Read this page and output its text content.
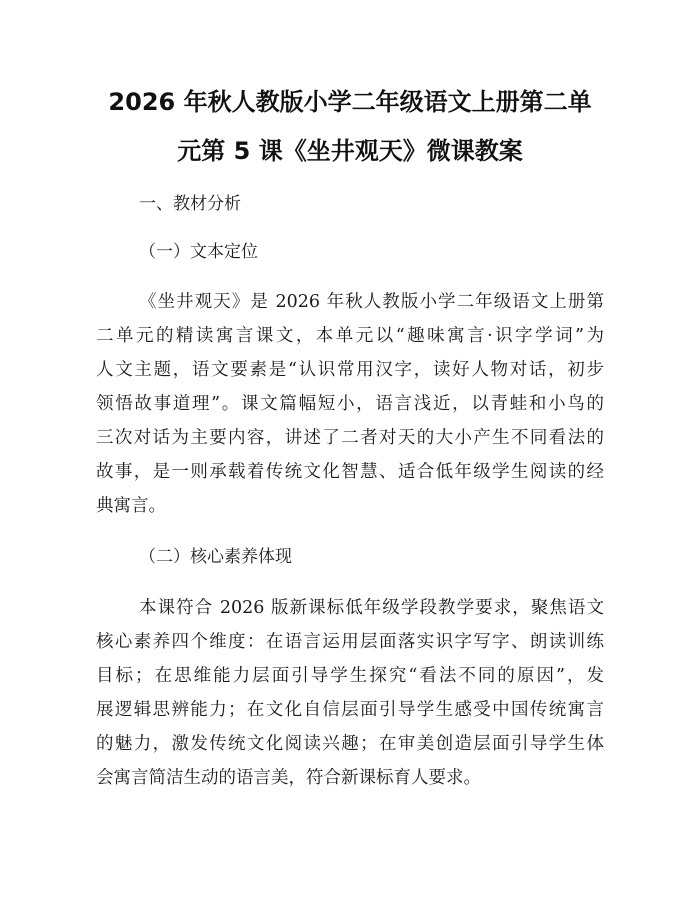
2026 年秋人教版小学二年级语文上册第二单
元第 5 课《坐井观天》微课教案
一、教材分析
（一）文本定位
《坐井观天》是 2026 年秋人教版小学二年级语文上册第
二单元的精读寓言课文，本单元以“趣味寓言·识字学词”为
人文主题，语文要素是“认识常用汉字，读好人物对话，初步
领悟故事道理”。课文篇幅短小，语言浅近，以青蛙和小鸟的
三次对话为主要内容，讲述了二者对天的大小产生不同看法的
故事，是一则承载着传统文化智慧、适合低年级学生阅读的经
典寓言。
（二）核心素养体现
本课符合 2026 版新课标低年级学段教学要求，聚焦语文
核心素养四个维度：在语言运用层面落实识字写字、朗读训练
目标；在思维能力层面引导学生探究“看法不同的原因”，发
展逻辑思辨能力；在文化自信层面引导学生感受中国传统寓言
的魅力，激发传统文化阅读兴趣；在审美创造层面引导学生体
会寓言简洁生动的语言美，符合新课标育人要求。
